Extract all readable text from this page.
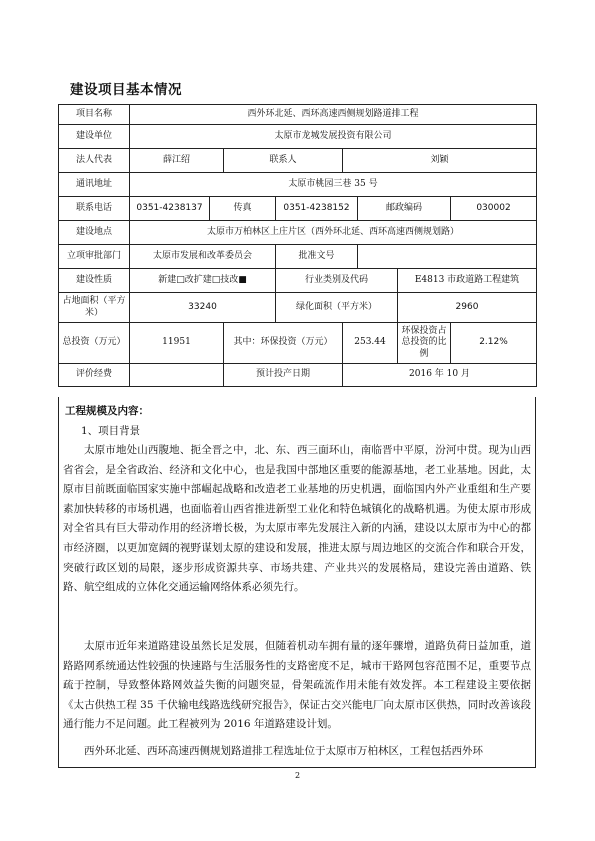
建设项目基本情况
项目名称	西外环北延、西环高速西侧规划路道排工程							
建设单位	太原市龙城发展投资有限公司							
法人代表	薛江绍		联系人		刘颖			
通讯地址	太原市桃园三巷 35 号							
联系电话	0351-4238137	传真		0351-4238152		邮政编码		030002
建设地点	太原市万柏林区上庄片区（西外环北延、西环高速西侧规划路）							
立项审批部门	太原市发展和改革委员会			批准文号				
建设性质	新建□改扩建□技改■			行业类别及代码			E4813 市政道路工程建筑	
占地面积（平方米）	33240			绿化面积（平方米）			2960	
总投资（万元）	11951		其中：环保投资（万元）		253.44		环保投资占总投资的比例	2.12%
评价经费			预计投产日期		2016 年 10 月			
工程规模及内容：
1、项目背景

太原市地处山西腹地、扼全晋之中，北、东、西三面环山，南临晋中平原，汾河中贯。现为山西省省会，是全省政治、经济和文化中心，也是我国中部地区重要的能源基地，老工业基地。因此，太原市目前既面临国家实施中部崛起战略和改造老工业基地的历史机遇，面临国内外产业重组和生产要素加快转移的市场机遇，也面临着山西省推进新型工业化和特色城镇化的战略机遇。为使太原市形成对全省具有巨大带动作用的经济增长极，为太原市率先发展注入新的内涵，建设以太原市为中心的都市经济圈，以更加宽阔的视野谋划太原的建设和发展，推进太原与周边地区的交流合作和联合开发，突破行政区划的局限，逐步形成资源共享、市场共建、产业共兴的发展格局，建设完善由道路、铁路、航空组成的立体化交通运输网络体系必须先行。

太原市近年来道路建设虽然长足发展，但随着机动车拥有量的逐年骤增，道路负荷日益加重，道路路网系统通达性较强的快速路与生活服务性的支路密度不足，城市干路网包容范围不足，重要节点疏于控制，导致整体路网效益失衡的问题突显，骨架疏流作用未能有效发挥。本工程建设主要依据《太古供热工程 35 千伏输电线路选线研究报告》，保证古交兴能电厂向太原市区供热，同时改善该段通行能力不足问题。此工程被列为 2016 年道路建设计划。

西外环北延、西环高速西侧规划路道排工程选址位于太原市万柏林区，工程包括西外环

2
